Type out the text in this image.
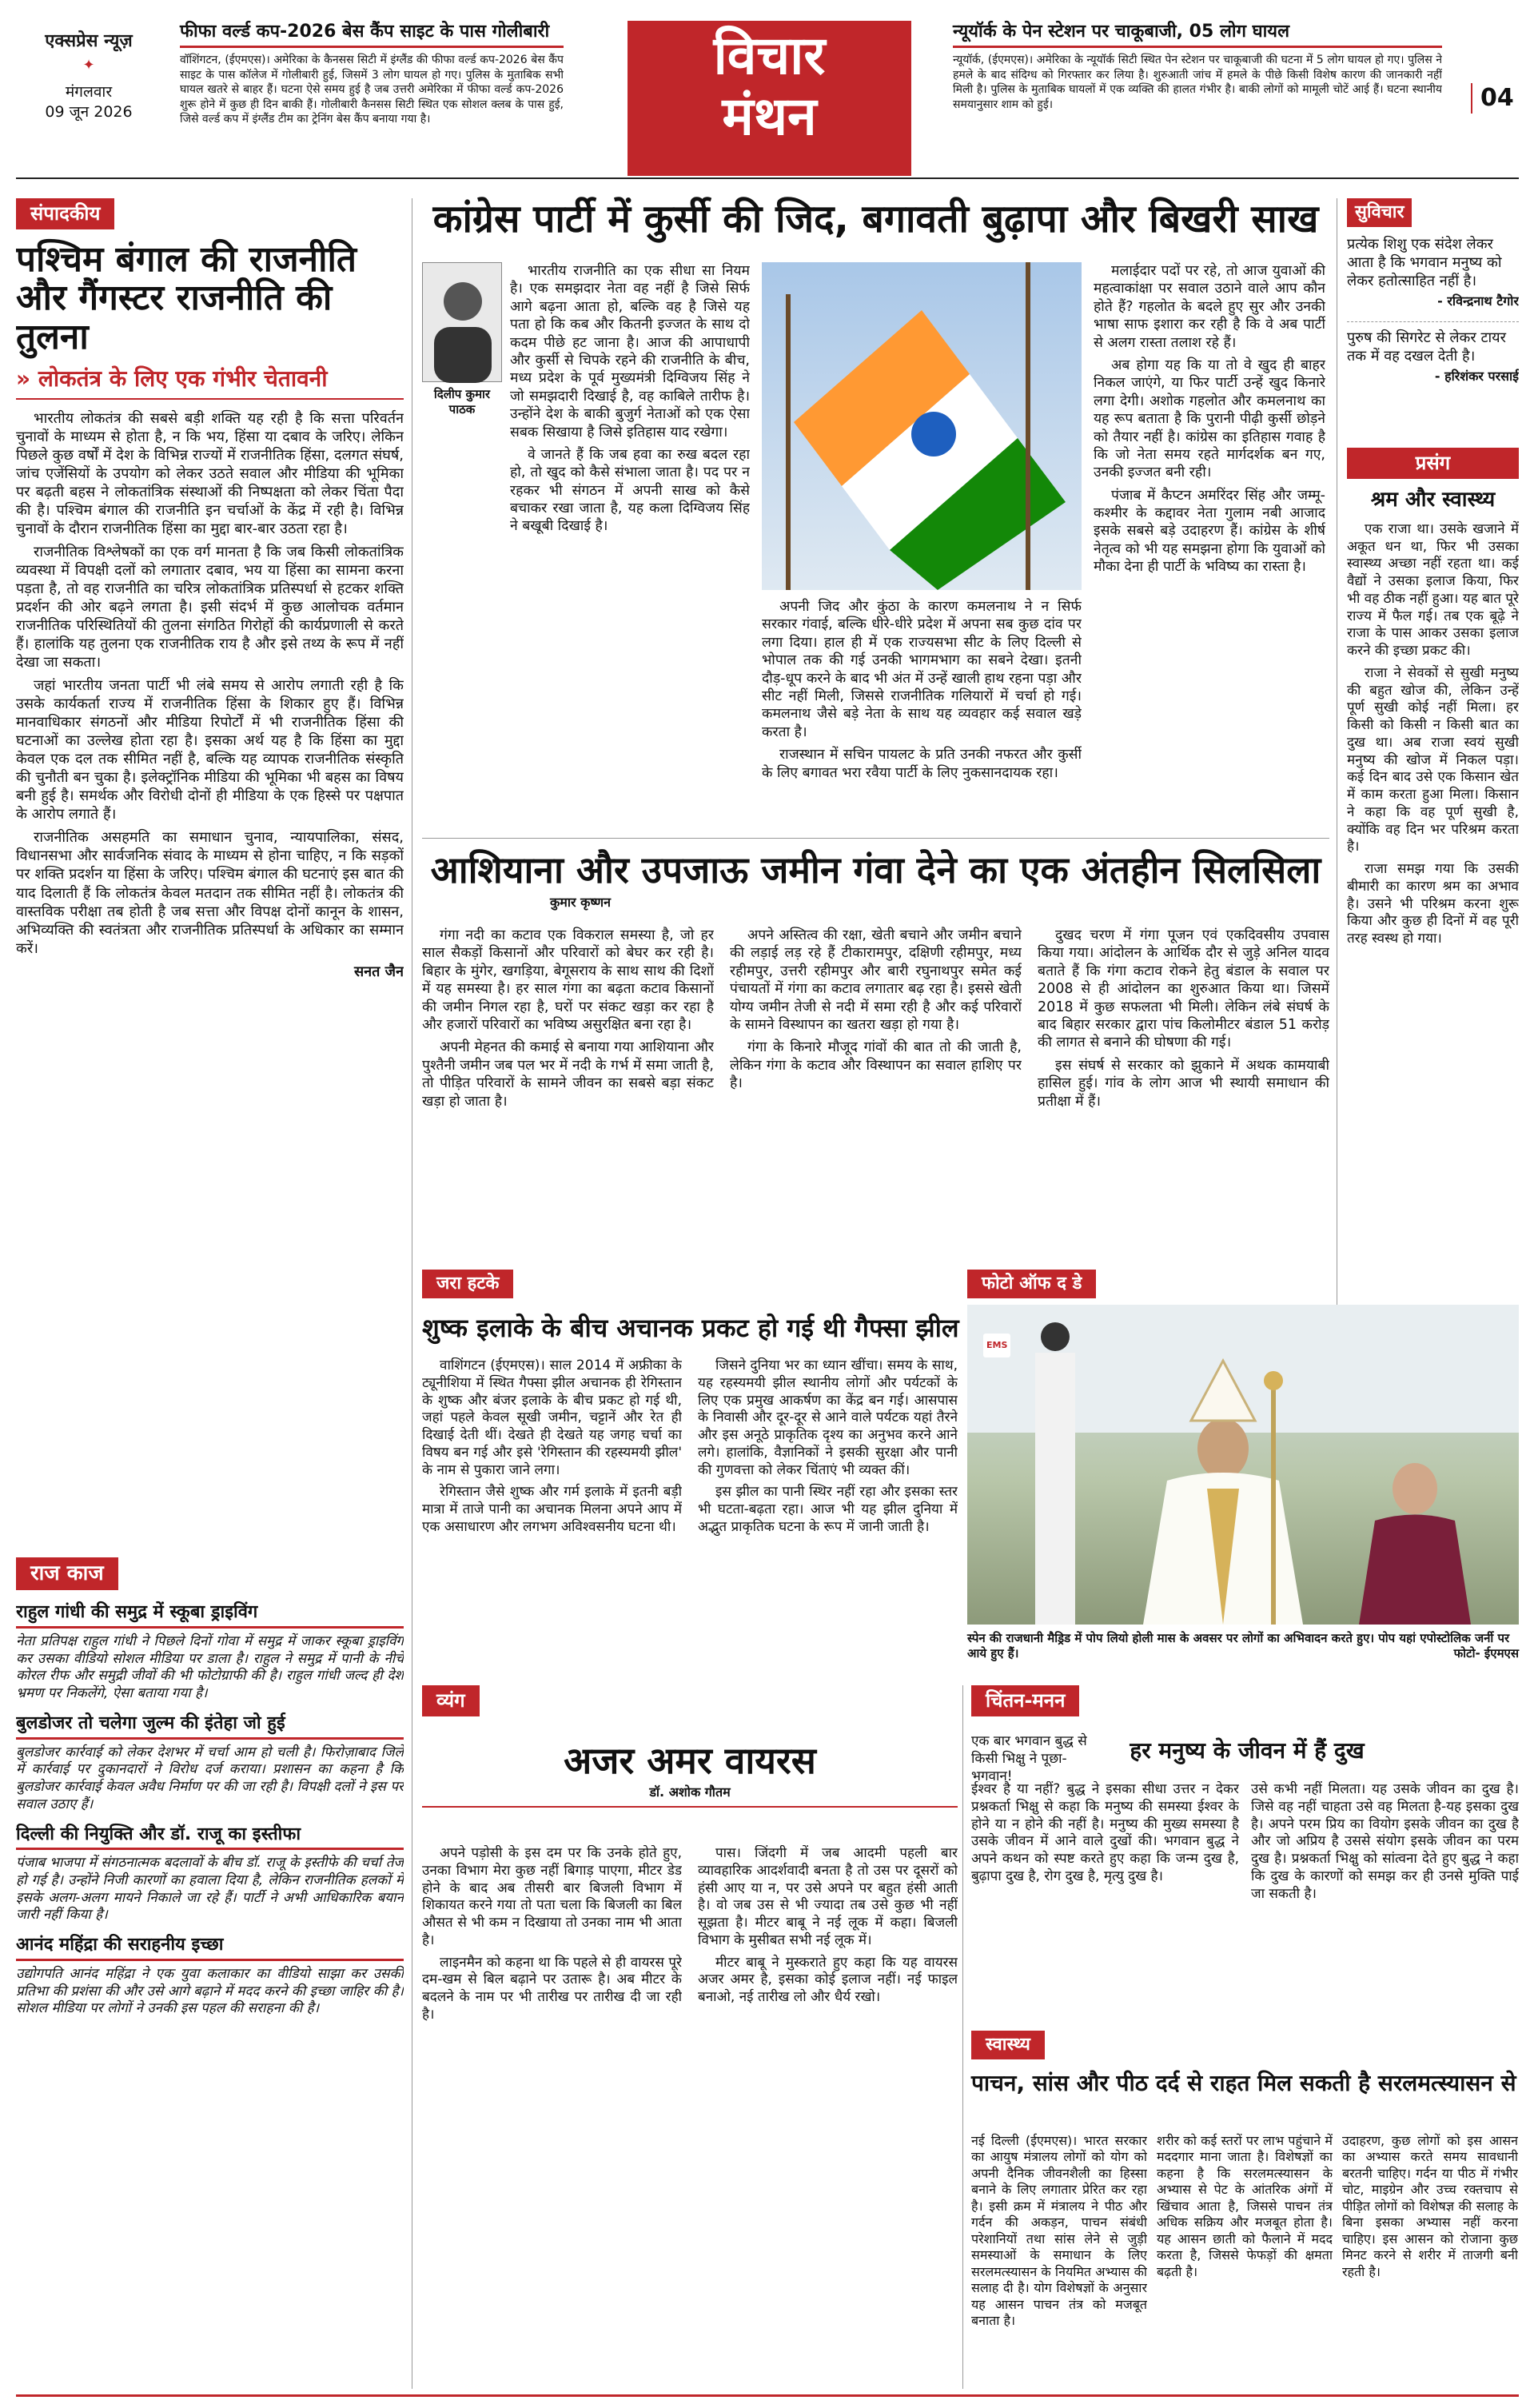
एक्सप्रेस न्यूज़
✦
मंगलवार
09 जून 2026
फीफा वर्ल्ड कप-2026 बेस कैंप साइट के पास गोलीबारी
वॉशिंगटन, (ईएमएस)। अमेरिका के कैनसस सिटी में इंग्लैंड की फीफा वर्ल्ड कप-2026 बेस कैंप साइट के पास कॉलेज में गोलीबारी हुई, जिसमें 3 लोग घायल हो गए। पुलिस के मुताबिक सभी घायल खतरे से बाहर हैं। घटना ऐसे समय हुई है जब उत्तरी अमेरिका में फीफा वर्ल्ड कप-2026 शुरू होने में कुछ ही दिन बाकी हैं। गोलीबारी कैनसस सिटी स्थित एक सोशल क्लब के पास हुई, जिसे वर्ल्ड कप में इंग्लैंड टीम का ट्रेनिंग बेस कैंप बनाया गया है।
विचार
मंथन
न्यूयॉर्क के पेन स्टेशन पर चाकूबाजी, 05 लोग घायल
न्यूयॉर्क, (ईएमएस)। अमेरिका के न्यूयॉर्क सिटी स्थित पेन स्टेशन पर चाकूबाजी की घटना में 5 लोग घायल हो गए। पुलिस ने हमले के बाद संदिग्ध को गिरफ्तार कर लिया है। शुरुआती जांच में हमले के पीछे किसी विशेष कारण की जानकारी नहीं मिली है। पुलिस के मुताबिक घायलों में एक व्यक्ति की हालत गंभीर है। बाकी लोगों को मामूली चोटें आई हैं। घटना स्थानीय समयानुसार शाम को हुई।	04
संपादकीय
पश्चिम बंगाल की राजनीति और गैंगस्टर राजनीति की तुलना
» लोकतंत्र के लिए एक गंभीर चेतावनी

भारतीय लोकतंत्र की सबसे बड़ी शक्ति यह रही है कि सत्ता परिवर्तन चुनावों के माध्यम से होता है, न कि भय, हिंसा या दबाव के जरिए। लेकिन पिछले कुछ वर्षों में देश के विभिन्न राज्यों में राजनीतिक हिंसा, दलगत संघर्ष, जांच एजेंसियों के उपयोग को लेकर उठते सवाल और मीडिया की भूमिका पर बढ़ती बहस ने लोकतांत्रिक संस्थाओं की निष्पक्षता को लेकर चिंता पैदा की है। पश्चिम बंगाल की राजनीति इन चर्चाओं के केंद्र में रही है। विभिन्न चुनावों के दौरान राजनीतिक हिंसा का मुद्दा बार-बार उठता रहा है।

राजनीतिक विश्लेषकों का एक वर्ग मानता है कि जब किसी लोकतांत्रिक व्यवस्था में विपक्षी दलों को लगातार दबाव, भय या हिंसा का सामना करना पड़ता है, तो वह राजनीति का चरित्र लोकतांत्रिक प्रतिस्पर्धा से हटकर शक्ति प्रदर्शन की ओर बढ़ने लगता है। इसी संदर्भ में कुछ आलोचक वर्तमान राजनीतिक परिस्थितियों की तुलना संगठित गिरोहों की कार्यप्रणाली से करते हैं। हालांकि यह तुलना एक राजनीतिक राय है और इसे तथ्य के रूप में नहीं देखा जा सकता।

जहां भारतीय जनता पार्टी भी लंबे समय से आरोप लगाती रही है कि उसके कार्यकर्ता राज्य में राजनीतिक हिंसा के शिकार हुए हैं। विभिन्न मानवाधिकार संगठनों और मीडिया रिपोर्टों में भी राजनीतिक हिंसा की घटनाओं का उल्लेख होता रहा है। इसका अर्थ यह है कि हिंसा का मुद्दा केवल एक दल तक सीमित नहीं है, बल्कि यह व्यापक राजनीतिक संस्कृति की चुनौती बन चुका है। इलेक्ट्रॉनिक मीडिया की भूमिका भी बहस का विषय बनी हुई है। समर्थक और विरोधी दोनों ही मीडिया के एक हिस्से पर पक्षपात के आरोप लगाते हैं।

राजनीतिक असहमति का समाधान चुनाव, न्यायपालिका, संसद, विधानसभा और सार्वजनिक संवाद के माध्यम से होना चाहिए, न कि सड़कों पर शक्ति प्रदर्शन या हिंसा के जरिए। पश्चिम बंगाल की घटनाएं इस बात की याद दिलाती हैं कि लोकतंत्र केवल मतदान तक सीमित नहीं है। लोकतंत्र की वास्तविक परीक्षा तब होती है जब सत्ता और विपक्ष दोनों कानून के शासन, अभिव्यक्ति की स्वतंत्रता और राजनीतिक प्रतिस्पर्धा के अधिकार का सम्मान करें।

सनत जैन
राज काज
राहुल गांधी की समुद्र में स्कूबा ड्राइविंग

नेता प्रतिपक्ष राहुल गांधी ने पिछले दिनों गोवा में समुद्र में जाकर स्कूबा ड्राइविंग कर उसका वीडियो सोशल मीडिया पर डाला है। राहुल ने समुद्र में पानी के नीचे कोरल रीफ और समुद्री जीवों की भी फोटोग्राफी की है। राहुल गांधी जल्द ही देश भ्रमण पर निकलेंगे, ऐसा बताया गया है।

बुलडोजर तो चलेगा जुल्म की इंतेहा जो हुई

बुलडोजर कार्रवाई को लेकर देशभर में चर्चा आम हो चली है। फिरोज़ाबाद जिले में कार्रवाई पर दुकानदारों ने विरोध दर्ज कराया। प्रशासन का कहना है कि बुलडोजर कार्रवाई केवल अवैध निर्माण पर की जा रही है। विपक्षी दलों ने इस पर सवाल उठाए हैं।

दिल्ली की नियुक्ति और डॉ. राजू का इस्तीफा

पंजाब भाजपा में संगठनात्मक बदलावों के बीच डॉ. राजू के इस्तीफे की चर्चा तेज हो गई है। उन्होंने निजी कारणों का हवाला दिया है, लेकिन राजनीतिक हलकों में इसके अलग-अलग मायने निकाले जा रहे हैं। पार्टी ने अभी आधिकारिक बयान जारी नहीं किया है।

आनंद महिंद्रा की सराहनीय इच्छा

उद्योगपति आनंद महिंद्रा ने एक युवा कलाकार का वीडियो साझा कर उसकी प्रतिभा की प्रशंसा की और उसे आगे बढ़ाने में मदद करने की इच्छा जाहिर की है। सोशल मीडिया पर लोगों ने उनकी इस पहल की सराहना की है।

कांग्रेस पार्टी में कुर्सी की जिद, बगावती बुढ़ापा और बिखरी साख
दिलीप कुमार पाठक

भारतीय राजनीति का एक सीधा सा नियम है। एक समझदार नेता वह नहीं है जिसे सिर्फ आगे बढ़ना आता हो, बल्कि वह है जिसे यह पता हो कि कब और कितनी इज्जत के साथ दो कदम पीछे हट जाना है। आज की आपाधापी और कुर्सी से चिपके रहने की राजनीति के बीच, मध्य प्रदेश के पूर्व मुख्यमंत्री दिग्विजय सिंह ने जो समझदारी दिखाई है, वह काबिले तारीफ है। उन्होंने देश के बाकी बुजुर्ग नेताओं को एक ऐसा सबक सिखाया है जिसे इतिहास याद रखेगा।

वे जानते हैं कि जब हवा का रुख बदल रहा हो, तो खुद को कैसे संभाला जाता है। पद पर न रहकर भी संगठन में अपनी साख को कैसे बचाकर रखा जाता है, यह कला दिग्विजय सिंह ने बखूबी दिखाई है।

अपनी जिद और कुंठा के कारण कमलनाथ ने न सिर्फ सरकार गंवाई, बल्कि धीरे-धीरे प्रदेश में अपना सब कुछ दांव पर लगा दिया। हाल ही में एक राज्यसभा सीट के लिए दिल्ली से भोपाल तक की गई उनकी भागमभाग का सबने देखा। इतनी दौड़-धूप करने के बाद भी अंत में उन्हें खाली हाथ रहना पड़ा और सीट नहीं मिली, जिससे राजनीतिक गलियारों में चर्चा हो गई। कमलनाथ जैसे बड़े नेता के साथ यह व्यवहार कई सवाल खड़े करता है।

राजस्थान में सचिन पायलट के प्रति उनकी नफरत और कुर्सी के लिए बगावत भरा रवैया पार्टी के लिए नुकसानदायक रहा।

मलाईदार पदों पर रहे, तो आज युवाओं की महत्वाकांक्षा पर सवाल उठाने वाले आप कौन होते हैं? गहलोत के बदले हुए सुर और उनकी भाषा साफ इशारा कर रही है कि वे अब पार्टी से अलग रास्ता तलाश रहे हैं।

अब होगा यह कि या तो वे खुद ही बाहर निकल जाएंगे, या फिर पार्टी उन्हें खुद किनारे लगा देगी। अशोक गहलोत और कमलनाथ का यह रूप बताता है कि पुरानी पीढ़ी कुर्सी छोड़ने को तैयार नहीं है। कांग्रेस का इतिहास गवाह है कि जो नेता समय रहते मार्गदर्शक बन गए, उनकी इज्जत बनी रही।

पंजाब में कैप्टन अमरिंदर सिंह और जम्मू-कश्मीर के कद्दावर नेता गुलाम नबी आजाद इसके सबसे बड़े उदाहरण हैं। कांग्रेस के शीर्ष नेतृत्व को भी यह समझना होगा कि युवाओं को मौका देना ही पार्टी के भविष्य का रास्ता है।

आशियाना और उपजाऊ जमीन गंवा देने का एक अंतहीन सिलसिला
कुमार कृष्णन

गंगा नदी का कटाव एक विकराल समस्या है, जो हर साल सैकड़ों किसानों और परिवारों को बेघर कर रही है। बिहार के मुंगेर, खगड़िया, बेगूसराय के साथ साथ की दिशों में यह समस्या है। हर साल गंगा का बढ़ता कटाव किसानों की जमीन निगल रहा है, घरों पर संकट खड़ा कर रहा है और हजारों परिवारों का भविष्य असुरक्षित बना रहा है।

अपनी मेहनत की कमाई से बनाया गया आशियाना और पुश्तैनी जमीन जब पल भर में नदी के गर्भ में समा जाती है, तो पीड़ित परिवारों के सामने जीवन का सबसे बड़ा संकट खड़ा हो जाता है।

अपने अस्तित्व की रक्षा, खेती बचाने और जमीन बचाने की लड़ाई लड़ रहे हैं टीकारामपुर, दक्षिणी रहीमपुर, मध्य रहीमपुर, उत्तरी रहीमपुर और बारी रघुनाथपुर समेत कई पंचायतों में गंगा का कटाव लगातार बढ़ रहा है। इससे खेती योग्य जमीन तेजी से नदी में समा रही है और कई परिवारों के सामने विस्थापन का खतरा खड़ा हो गया है।

गंगा के किनारे मौजूद गांवों की बात तो की जाती है, लेकिन गंगा के कटाव और विस्थापन का सवाल हाशिए पर है।

दुखद चरण में गंगा पूजन एवं एकदिवसीय उपवास किया गया। आंदोलन के आर्थिक दौर से जुड़े अनिल यादव बताते हैं कि गंगा कटाव रोकने हेतु बंडाल के सवाल पर 2008 से ही आंदोलन का शुरुआत किया था। जिसमें 2018 में कुछ सफलता भी मिली। लेकिन लंबे संघर्ष के बाद बिहार सरकार द्वारा पांच किलोमीटर बंडाल 51 करोड़ की लागत से बनाने की घोषणा की गई।

इस संघर्ष से सरकार को झुकाने में अथक कामयाबी हासिल हुई। गांव के लोग आज भी स्थायी समाधान की प्रतीक्षा में हैं।

सुविचार

प्रत्येक शिशु एक संदेश लेकर आता है कि भगवान मनुष्य को लेकर हतोत्साहित नहीं है।

- रविन्द्रनाथ टैगोर

पुरुष की सिगरेट से लेकर टायर तक में वह दखल देती है।

- हरिशंकर परसाई
प्रसंग
श्रम और स्वास्थ्य

एक राजा था। उसके खजाने में अकूत धन था, फिर भी उसका स्वास्थ्य अच्छा नहीं रहता था। कई वैद्यों ने उसका इलाज किया, फिर भी वह ठीक नहीं हुआ। यह बात पूरे राज्य में फैल गई। तब एक बूढ़े ने राजा के पास आकर उसका इलाज करने की इच्छा प्रकट की।

राजा ने सेवकों से सुखी मनुष्य की बहुत खोज की, लेकिन उन्हें पूर्ण सुखी कोई नहीं मिला। हर किसी को किसी न किसी बात का दुख था। अब राजा स्वयं सुखी मनुष्य की खोज में निकल पड़ा। कई दिन बाद उसे एक किसान खेत में काम करता हुआ मिला। किसान ने कहा कि वह पूर्ण सुखी है, क्योंकि वह दिन भर परिश्रम करता है।

राजा समझ गया कि उसकी बीमारी का कारण श्रम का अभाव है। उसने भी परिश्रम करना शुरू किया और कुछ ही दिनों में वह पूरी तरह स्वस्थ हो गया।

जरा हटके
शुष्क इलाके के बीच अचानक प्रकट हो गई थी गैफ्सा झील

वाशिंगटन (ईएमएस)। साल 2014 में अफ्रीका के ट्यूनीशिया में स्थित गैफ्सा झील अचानक ही रेगिस्तान के शुष्क और बंजर इलाके के बीच प्रकट हो गई थी, जहां पहले केवल सूखी जमीन, चट्टानें और रेत ही दिखाई देती थीं। देखते ही देखते यह जगह चर्चा का विषय बन गई और इसे 'रेगिस्तान की रहस्यमयी झील' के नाम से पुकारा जाने लगा।

रेगिस्तान जैसे शुष्क और गर्म इलाके में इतनी बड़ी मात्रा में ताजे पानी का अचानक मिलना अपने आप में एक असाधारण और लगभग अविश्वसनीय घटना थी।

जिसने दुनिया भर का ध्यान खींचा। समय के साथ, यह रहस्यमयी झील स्थानीय लोगों और पर्यटकों के लिए एक प्रमुख आकर्षण का केंद्र बन गई। आसपास के निवासी और दूर-दूर से आने वाले पर्यटक यहां तैरने और इस अनूठे प्राकृतिक दृश्य का अनुभव करने आने लगे। हालांकि, वैज्ञानिकों ने इसकी सुरक्षा और पानी की गुणवत्ता को लेकर चिंताएं भी व्यक्त कीं।

इस झील का पानी स्थिर नहीं रहा और इसका स्तर भी घटता-बढ़ता रहा। आज भी यह झील दुनिया में अद्भुत प्राकृतिक घटना के रूप में जानी जाती है।

फोटो ऑफ द डे
EMS
स्पेन की राजधानी मैड्रिड में पोप लियो होली मास के अवसर पर लोगों का अभिवादन करते हुए। पोप यहां एपोस्टोलिक जर्नी पर आये हुए हैं।	फोटो- ईएमएस
व्यंग
अजर अमर वायरस
डॉ. अशोक गौतम

अपने पड़ोसी के इस दम पर कि उनके होते हुए, उनका विभाग मेरा कुछ नहीं बिगाड़ पाएगा, मीटर डेड होने के बाद अब तीसरी बार बिजली विभाग में शिकायत करने गया तो पता चला कि बिजली का बिल औसत से भी कम न दिखाया तो उनका नाम भी आता है।

लाइनमैन को कहना था कि पहले से ही वायरस पूरे दम-खम से बिल बढ़ाने पर उतारू है। अब मीटर के बदलने के नाम पर भी तारीख पर तारीख दी जा रही है।

पास। जिंदगी में जब आदमी पहली बार व्यावहारिक आदर्शवादी बनता है तो उस पर दूसरों को हंसी आए या न, पर उसे अपने पर बहुत हंसी आती है। वो जब उस से भी ज्यादा तब उसे कुछ भी नहीं सूझता है। मीटर बाबू ने नई लूक में कहा। बिजली विभाग के मुसीबत सभी नई लूक में।

मीटर बाबू ने मुस्कराते हुए कहा कि यह वायरस अजर अमर है, इसका कोई इलाज नहीं। नई फाइल बनाओ, नई तारीख लो और धैर्य रखो।

चिंतन-मनन
एक बार भगवान बुद्ध से किसी भिक्षु ने पूछा-भगवान!
हर मनुष्य के जीवन में हैं दुख
ईश्वर है या नहीं? बुद्ध ने इसका सीधा उत्तर न देकर प्रश्नकर्ता भिक्षु से कहा कि मनुष्य की समस्या ईश्वर के होने या न होने की नहीं है। मनुष्य की मुख्य समस्या है उसके जीवन में आने वाले दुखों की। भगवान बुद्ध ने अपने कथन को स्पष्ट करते हुए कहा कि जन्म दुख है, बुढ़ापा दुख है, रोग दुख है, मृत्यु दुख है।
उसे कभी नहीं मिलता। यह उसके जीवन का दुख है। जिसे वह नहीं चाहता उसे वह मिलता है-यह इसका दुख है। अपने परम प्रिय का वियोग इसके जीवन का दुख है और जो अप्रिय है उससे संयोग इसके जीवन का परम दुख है। प्रश्नकर्ता भिक्षु को सांत्वना देते हुए बुद्ध ने कहा कि दुख के कारणों को समझ कर ही उनसे मुक्ति पाई जा सकती है।
स्वास्थ्य
पाचन, सांस और पीठ दर्द से राहत मिल सकती है सरलमत्स्यासन से
नई दिल्ली (ईएमएस)। भारत सरकार का आयुष मंत्रालय लोगों को योग को अपनी दैनिक जीवनशैली का हिस्सा बनाने के लिए लगातार प्रेरित कर रहा है। इसी क्रम में मंत्रालय ने पीठ और गर्दन की अकड़न, पाचन संबंधी परेशानियों तथा सांस लेने से जुड़ी समस्याओं के समाधान के लिए सरलमत्स्यासन के नियमित अभ्यास की सलाह दी है। योग विशेषज्ञों के अनुसार यह आसन पाचन तंत्र को मजबूत बनाता है।
शरीर को कई स्तरों पर लाभ पहुंचाने में मददगार माना जाता है। विशेषज्ञों का कहना है कि सरलमत्स्यासन के अभ्यास से पेट के आंतरिक अंगों में खिंचाव आता है, जिससे पाचन तंत्र अधिक सक्रिय और मजबूत होता है। यह आसन छाती को फैलाने में मदद करता है, जिससे फेफड़ों की क्षमता बढ़ती है।
उदाहरण, कुछ लोगों को इस आसन का अभ्यास करते समय सावधानी बरतनी चाहिए। गर्दन या पीठ में गंभीर चोट, माइग्रेन और उच्च रक्तचाप से पीड़ित लोगों को विशेषज्ञ की सलाह के बिना इसका अभ्यास नहीं करना चाहिए। इस आसन को रोजाना कुछ मिनट करने से शरीर में ताजगी बनी रहती है।
